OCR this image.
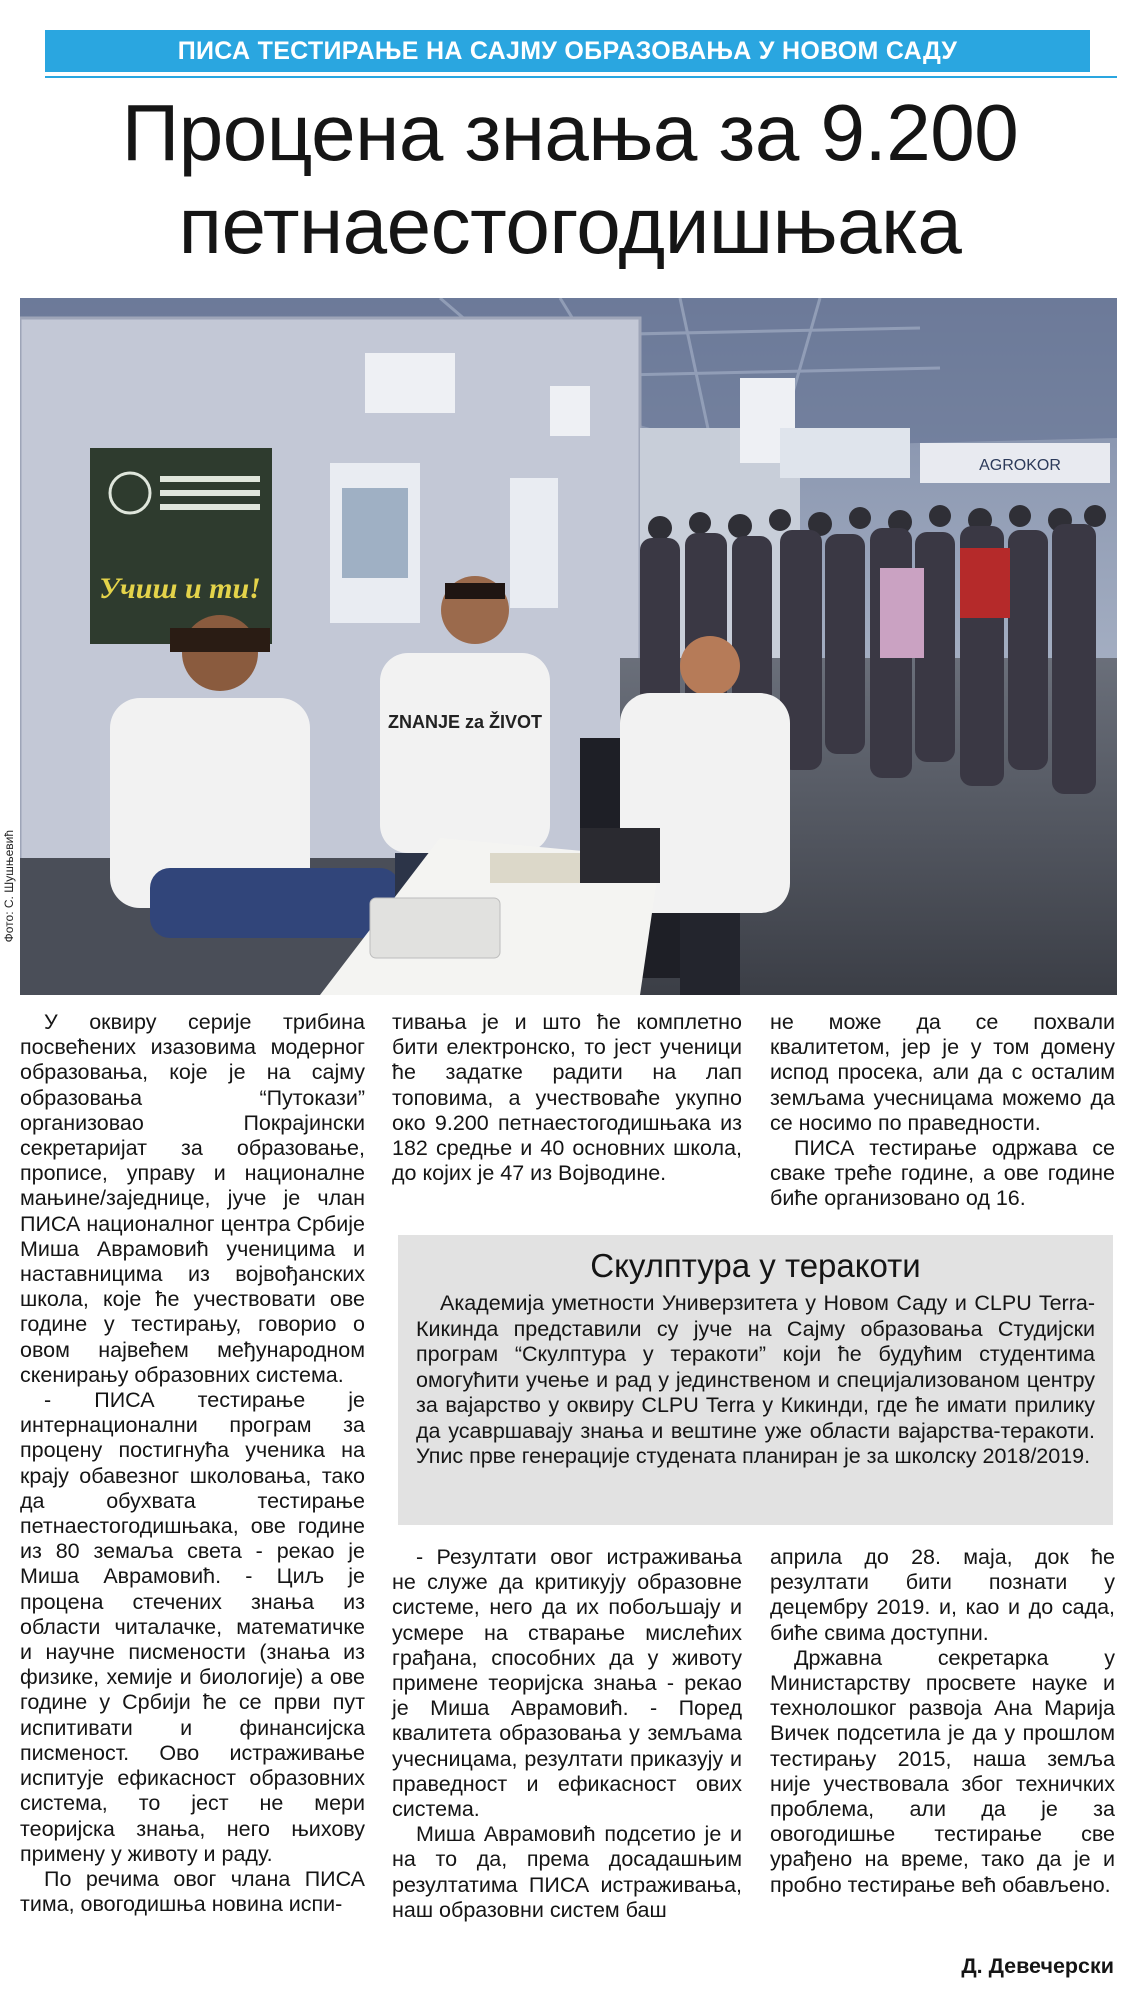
ПИСА ТЕСТИРАЊЕ НА САЈМУ ОБРАЗОВАЊА У НОВОМ САДУ
Процена знања за 9.200
петнаестогодишњака
Учиш и ти!
AGROKOR
ZNANJE za ŽIVOT
Фото: С. Шушњевић

У оквиру серије трибина посвећених изазовима модерног образовања, које је на сајму образовања “Путокази” организовао Покрајински секретаријат за образовање, прописе, управу и националне мањине/заједнице, јуче је члан ПИСА националног центра Србије Миша Аврамовић ученицима и наставницима из војвођанских школа, које ће учествовати ове године у тестирању, говорио о овом највећем међународном скенирању образовних система.

- ПИСА тестирање је интернационални програм за процену постигнућа ученика на крају обавезног школовања, тако да обухвата тестирање петнаестогодишњака, ове године из 80 земаља света - рекао је Миша Аврамовић. - Циљ је процена стечених знања из области читалачке, математичке и научне писмености (знања из физике, хемије и биологије) а ове године у Србији ће се први пут испитивати и финансијска писменост. Ово истраживање испитује ефикасност образовних система, то јест не мери теоријска знања, него њихову примену у животу и раду.

По речима овог члана ПИСА тима, овогодишња новина испи-

тивања је и што ће комплетно бити електронско, то јест ученици ће задатке радити на лап топовима, а учествоваће укупно око 9.200 петнаестогодишњака из 182 средње и 40 основних школа, до којих је 47 из Војводине.

не може да се похвали квалитетом, јер је у том домену испод просека, али да с осталим земљама учесницама можемо да се носимо по праведности.

ПИСА тестирање одржава се сваке треће године, а ове године биће организовано од 16.

Скулптура у теракоти

Академија уметности Универзитета у Новом Саду и CLPU Terra-Кикинда представили су јуче на Сајму образовања Студијски програм “Скулптура у теракоти” који ће будућим студентима омогућити учење и рад у јединственом и специјализованом центру за вајарство у оквиру CLPU Terra у Кикинди, где ће имати прилику да усавршавају знања и вештине уже области вајарства-теракоти. Упис прве генерације студената планиран је за школску 2018/2019.

- Резултати овог истраживања не служе да критикују образовне системе, него да их побољшају и усмере на стварање мислећих грађана, способних да у животу примене теоријска знања - рекао је Миша Аврамовић. - Поред квалитета образовања у земљама учесницама, резултати приказују и праведност и ефикасност ових система.

Миша Аврамовић подсетио је и на то да, према досадашњим резултатима ПИСА истраживања, наш образовни систем баш

априла до 28. маја, док ће резултати бити познати у децембру 2019. и, као и до сада, биће свима доступни.

Државна секретарка у Министарству просвете науке и технолошког развоја Ана Марија Вичек подсетила је да у прошлом тестирању 2015, наша земља није учествовала због техничких проблема, али да је за овогодишње тестирање све урађено на време, тако да је и пробно тестирање већ обављено.

Д. Девечерски
